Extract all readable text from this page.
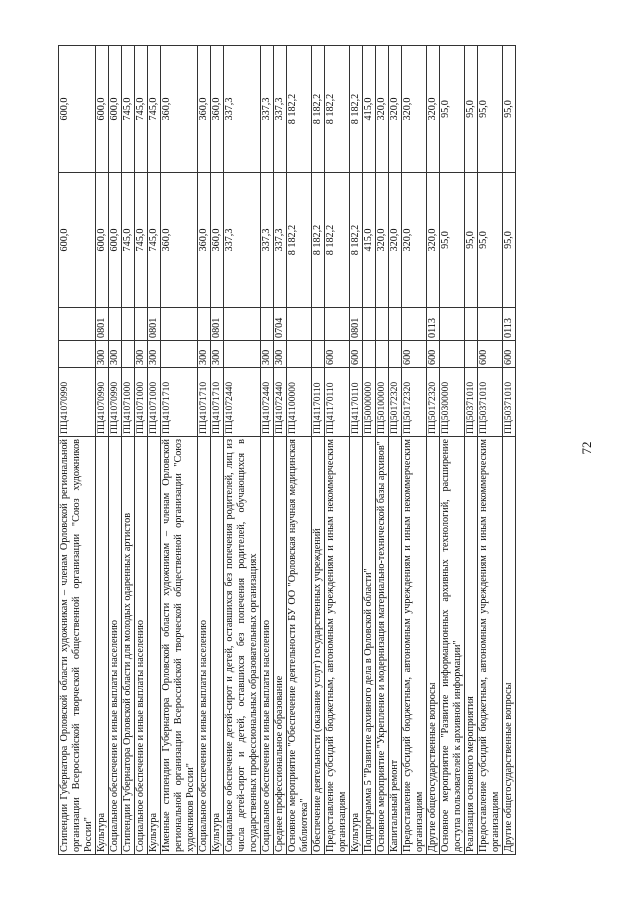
72
Стипендии Губернатора Орловской области художникам – членам Орловской региональной организации Всероссийской творческой общественной организации "Союз художников России"	ПЦ41070990			600,0	600,0
Культура	ПЦ41070990	300	0801	600,0	600,0
Социальное обеспечение и иные выплаты населению	ПЦ41070990	300		600,0	600,0
Стипендии Губернатора Орловской области для молодых одаренных артистов	ПЦ41071000			745,0	745,0
Социальное обеспечение и иные выплаты населению	ПЦ41071000	300		745,0	745,0
Культура	ПЦ41071000	300	0801	745,0	745,0
Именные стипендии Губернатора Орловской области художникам – членам Орловской региональной организации Всероссийской творческой общественной организации "Союз художников России"	ПЦ41071710			360,0	360,0
Социальное обеспечение и иные выплаты населению	ПЦ41071710	300		360,0	360,0
Культура	ПЦ41071710	300	0801	360,0	360,0
Социальное обеспечение детей-сирот и детей, оставшихся без попечения родителей, лиц из числа детей-сирот и детей, оставшихся без попечения родителей, обучающихся в государственных профессиональных образовательных организациях	ПЦ41072440			337,3	337,3
Социальное обеспечение и иные выплаты населению	ПЦ41072440	300		337,3	337,3
Среднее профессиональное образование	ПЦ41072440	300	0704	337,3	337,3
Основное мероприятие "Обеспечение деятельности БУ ОО "Орловская научная медицинская библиотека"	ПЦ41100000			8 182,2	8 182,2
Обеспечение деятельности (оказание услуг) государственных учреждений	ПЦ41170110			8 182,2	8 182,2
Предоставление субсидий бюджетным, автономным учреждениям и иным некоммерческим организациям	ПЦ41170110	600		8 182,2	8 182,2
Культура	ПЦ41170110	600	0801	8 182,2	8 182,2
Подпрограмма 5 "Развитие архивного дела в Орловской области"	ПЦ50000000			415,0	415,0
Основное мероприятие "Укрепление и модернизация материально-технической базы архивов"	ПЦ50100000			320,0	320,0
Капитальный ремонт	ПЦ50172320			320,0	320,0
Предоставление субсидий бюджетным, автономным учреждениям и иным некоммерческим организациям	ПЦ50172320	600		320,0	320,0
Другие общегосударственные вопросы	ПЦ50172320	600	0113	320,0	320,0
Основное мероприятие "Развитие информационных архивных технологий, расширение доступа пользователей к архивной информации"	ПЦ50300000			95,0	95,0
Реализация основного мероприятия	ПЦ50371010			95,0	95,0
Предоставление субсидий бюджетным, автономным учреждениям и иным некоммерческим организациям	ПЦ50371010	600		95,0	95,0
Другие общегосударственные вопросы	ПЦ50371010	600	0113	95,0	95,0
